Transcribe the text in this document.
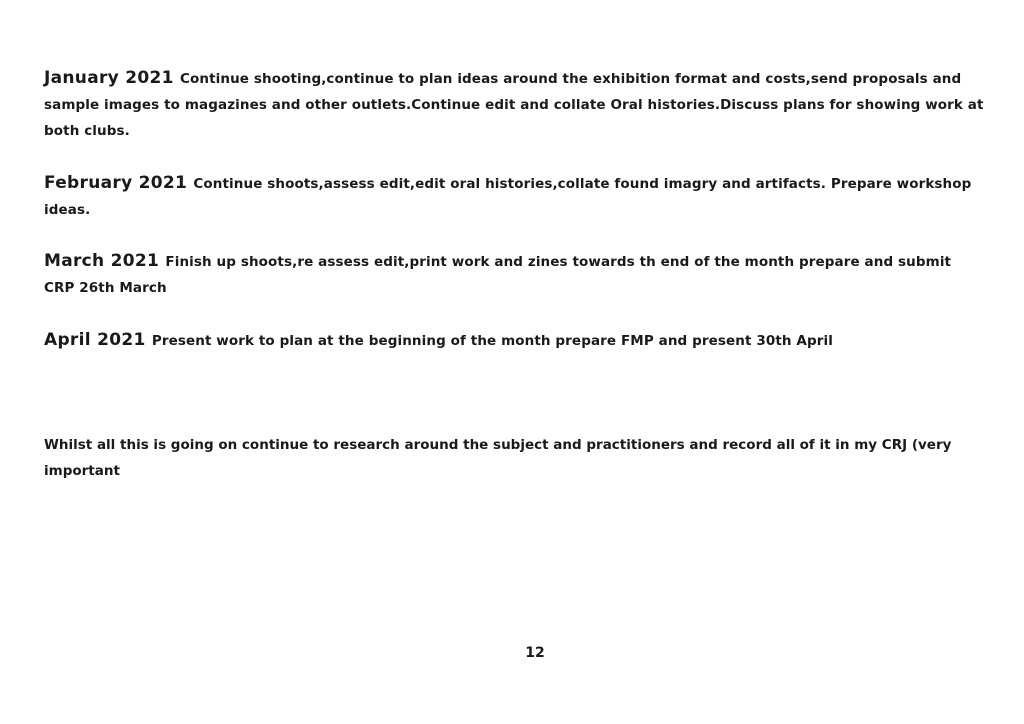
January 2021 Continue shooting,continue to plan ideas around the exhibition format and costs,send proposals and sample images to magazines and other outlets.Continue edit and collate Oral histories.Discuss plans for showing work at both clubs.
February 2021 Continue shoots,assess edit,edit oral histories,collate found imagry and artifacts. Prepare workshop ideas.
March 2021 Finish up shoots,re assess edit,print work and zines towards th end of the month prepare and submit CRP 26th March
April 2021 Present work to plan at the beginning of the month prepare FMP and present 30th April
Whilst all this is going on continue to research around the subject and practitioners and record all of it in my CRJ (very important
12
